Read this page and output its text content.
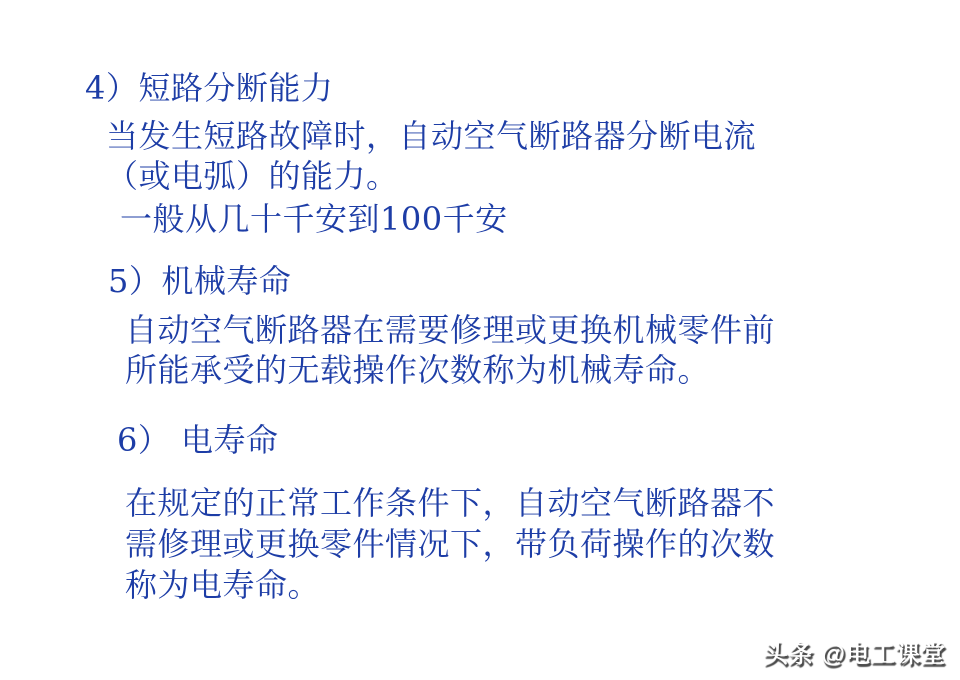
4）短路分断能力
当发生短路故障时，自动空气断路器分断电流
（或电弧）的能力。
一般从几十千安到100千安
5）机械寿命
自动空气断路器在需要修理或更换机械零件前
所能承受的无载操作次数称为机械寿命。
6） 电寿命
在规定的正常工作条件下，自动空气断路器不
需修理或更换零件情况下，带负荷操作的次数
称为电寿命。
头条 @电工课堂
